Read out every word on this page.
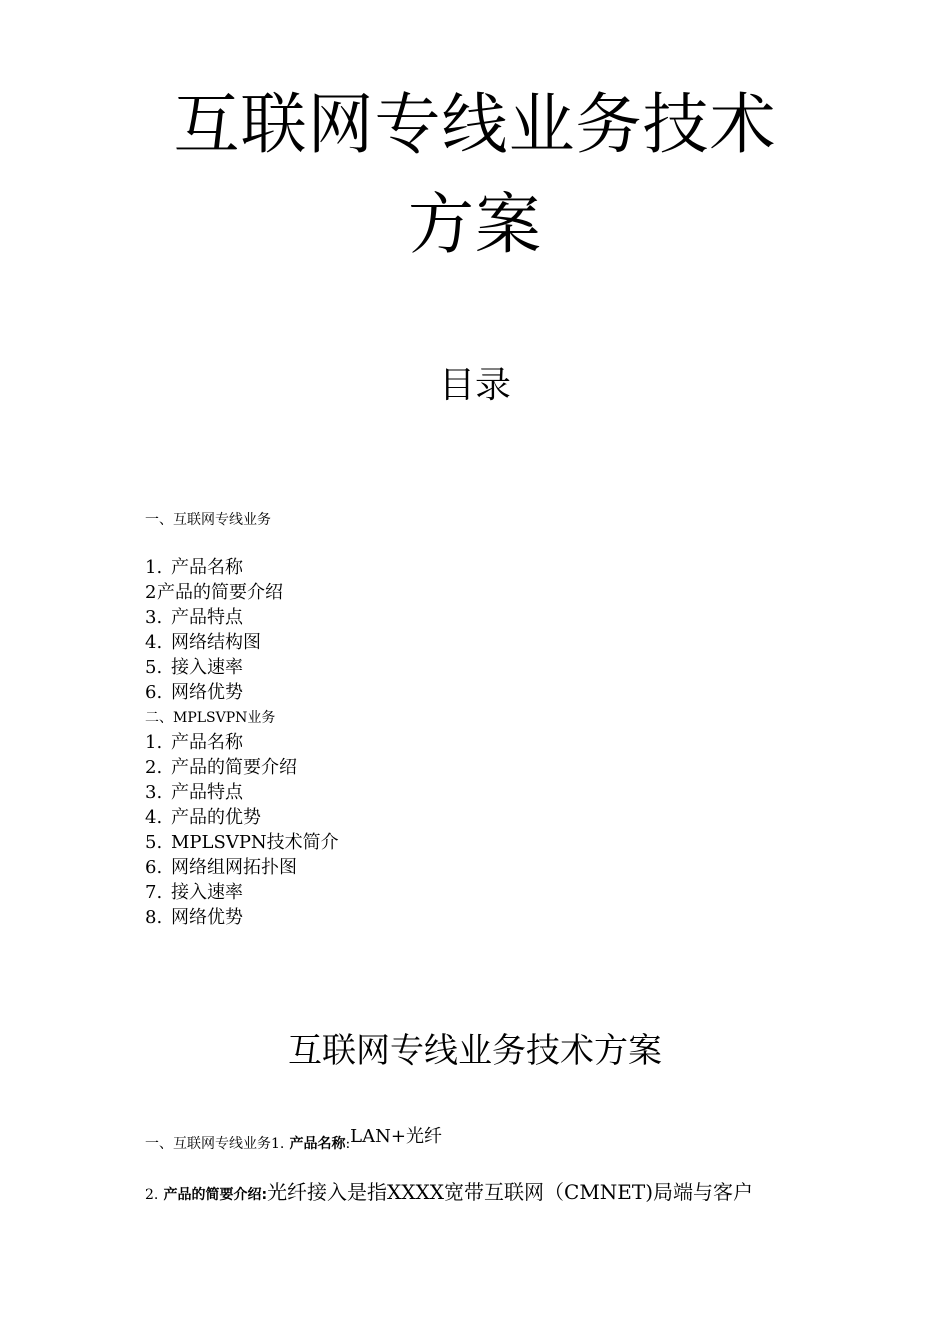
互联网专线业务技术
方案
目录
一、互联网专线业务
1. 产品名称
2产品的简要介绍
3. 产品特点
4. 网络结构图
5. 接入速率
6. 网络优势
二、MPLSVPN业务
1. 产品名称
2. 产品的简要介绍
3. 产品特点
4. 产品的优势
5. MPLSVPN技术简介
6. 网络组网拓扑图
7. 接入速率
8. 网络优势
互联网专线业务技术方案
一、互联网专线业务1. 产品名称:LAN+光纤
2. 产品的简要介绍:光纤接入是指XXXX宽带互联网（CMNET)局端与客户
